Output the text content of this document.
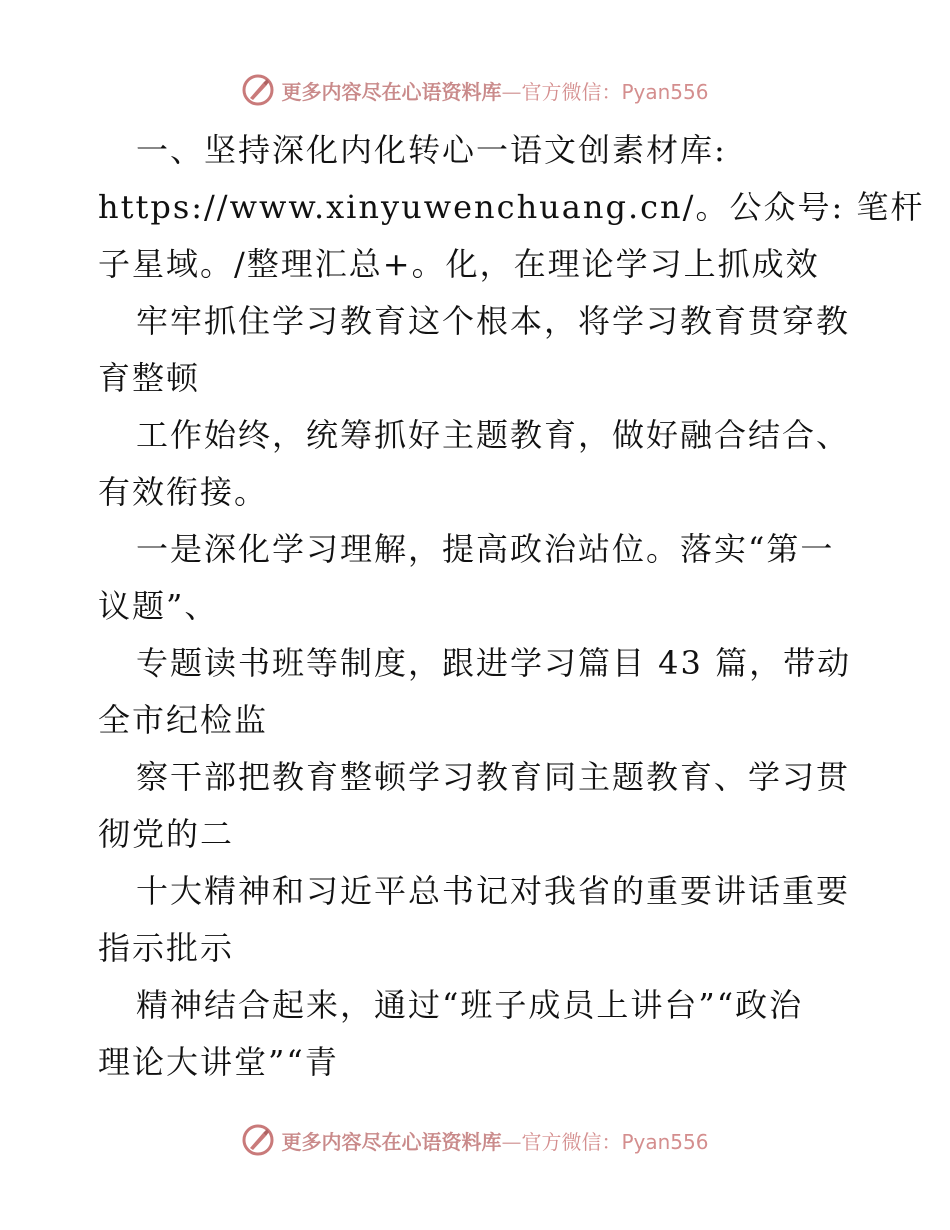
更多内容尽在心语资料库—官方微信：Pyan556
一、坚持深化内化转心一语文创素材库:
https://www.xinyuwenchuang.cn/。公众号: 笔杆
子星域。/整理汇总+。化，在理论学习上抓成效
牢牢抓住学习教育这个根本，将学习教育贯穿教
育整顿
工作始终，统筹抓好主题教育，做好融合结合、
有效衔接。
一是深化学习理解，提高政治站位。落实“第一
议题”、
专题读书班等制度，跟进学习篇目 43 篇，带动
全市纪检监
察干部把教育整顿学习教育同主题教育、学习贯
彻党的二
十大精神和习近平总书记对我省的重要讲话重要
指示批示
精神结合起来，通过“班子成员上讲台”“政治
理论大讲堂”“青
更多内容尽在心语资料库—官方微信：Pyan556
